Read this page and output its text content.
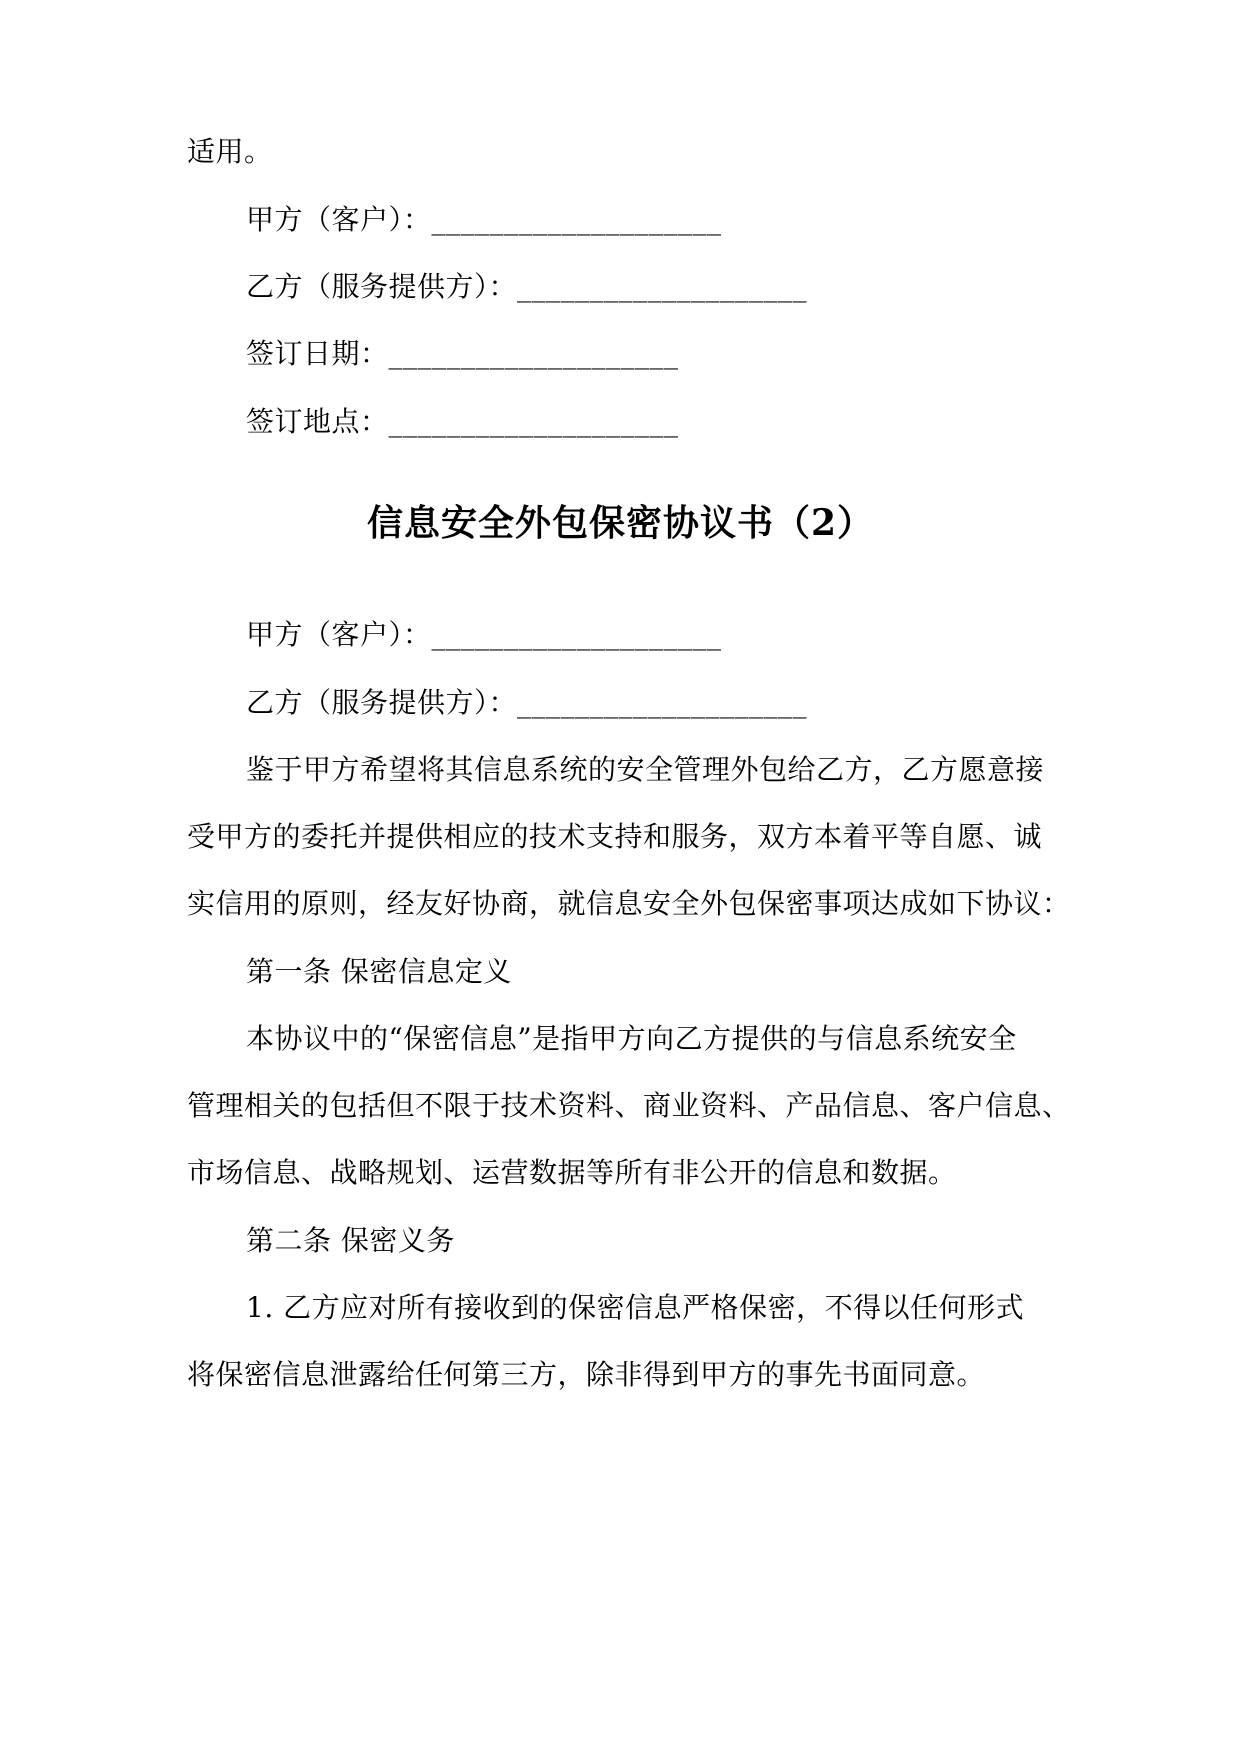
适用。
甲方（客户）：____________________
乙方（服务提供方）：____________________
签订日期：____________________
签订地点：____________________
信息安全外包保密协议书（2）
甲方（客户）：____________________
乙方（服务提供方）：____________________
鉴于甲方希望将其信息系统的安全管理外包给乙方，乙方愿意接
受甲方的委托并提供相应的技术支持和服务，双方本着平等自愿、诚
实信用的原则，经友好协商，就信息安全外包保密事项达成如下协议：
第一条 保密信息定义
本协议中的“保密信息”是指甲方向乙方提供的与信息系统安全
管理相关的包括但不限于技术资料、商业资料、产品信息、客户信息、
市场信息、战略规划、运营数据等所有非公开的信息和数据。
第二条 保密义务
1. 乙方应对所有接收到的保密信息严格保密，不得以任何形式
将保密信息泄露给任何第三方，除非得到甲方的事先书面同意。
